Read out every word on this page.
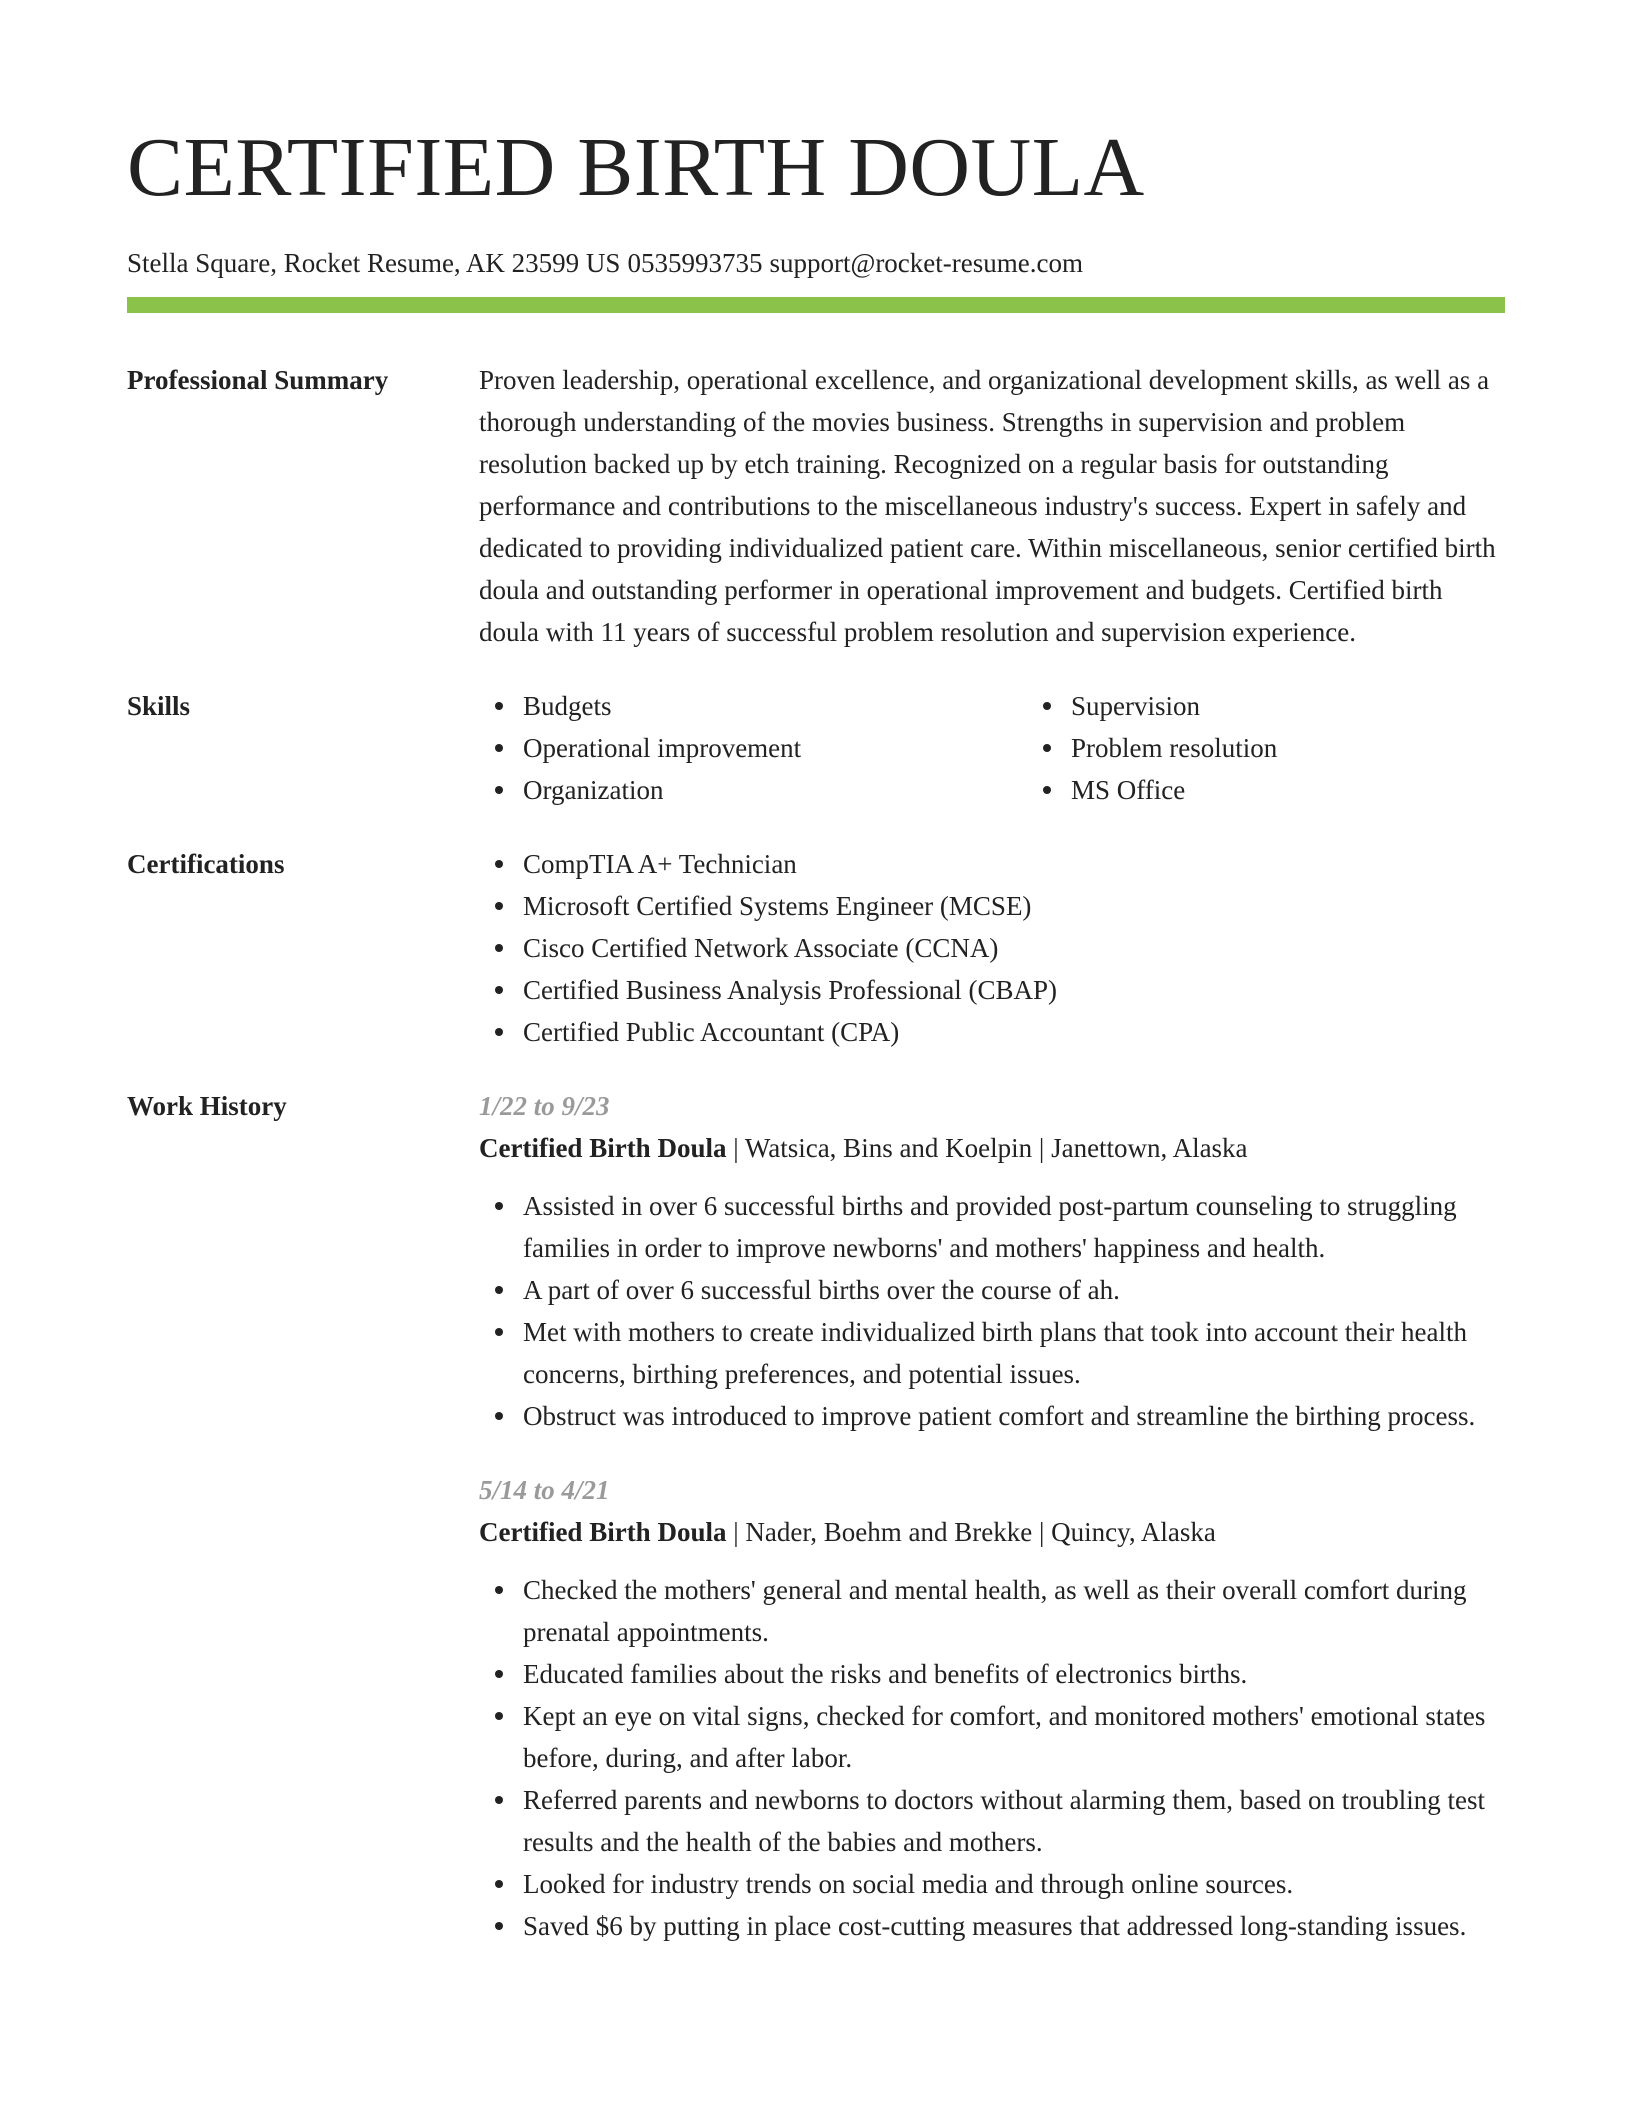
CERTIFIED BIRTH DOULA
Stella Square, Rocket Resume, AK 23599 US 0535993735 support@rocket-resume.com
Professional Summary	Proven leadership, operational excellence, and organizational development skills, as well as a thorough understanding of the movies business. Strengths in supervision and problem resolution backed up by etch training. Recognized on a regular basis for outstanding performance and contributions to the miscellaneous industry's success. Expert in safely and dedicated to providing individualized patient care. Within miscellaneous, senior certified birth doula and outstanding performer in operational improvement and budgets. Certified birth doula with 11 years of successful problem resolution and supervision experience.

Skills	Budgets
Operational improvement
Organization
Supervision
Problem resolution
MS Office
Certifications	CompTIA A+ Technician
Microsoft Certified Systems Engineer (MCSE)
Cisco Certified Network Associate (CCNA)
Certified Business Analysis Professional (CBAP)
Certified Public Accountant (CPA)
Work History	1/22 to 9/23
Certified Birth Doula | Watsica, Bins and Koelpin | Janettown, Alaska
Assisted in over 6 successful births and provided post-partum counseling to struggling families in order to improve newborns' and mothers' happiness and health.
A part of over 6 successful births over the course of ah.
Met with mothers to create individualized birth plans that took into account their health concerns, birthing preferences, and potential issues.
Obstruct was introduced to improve patient comfort and streamline the birthing process.
5/14 to 4/21
Certified Birth Doula | Nader, Boehm and Brekke | Quincy, Alaska
Checked the mothers' general and mental health, as well as their overall comfort during prenatal appointments.
Educated families about the risks and benefits of electronics births.
Kept an eye on vital signs, checked for comfort, and monitored mothers' emotional states before, during, and after labor.
Referred parents and newborns to doctors without alarming them, based on troubling test results and the health of the babies and mothers.
Looked for industry trends on social media and through online sources.
Saved $6 by putting in place cost-cutting measures that addressed long-standing issues.
